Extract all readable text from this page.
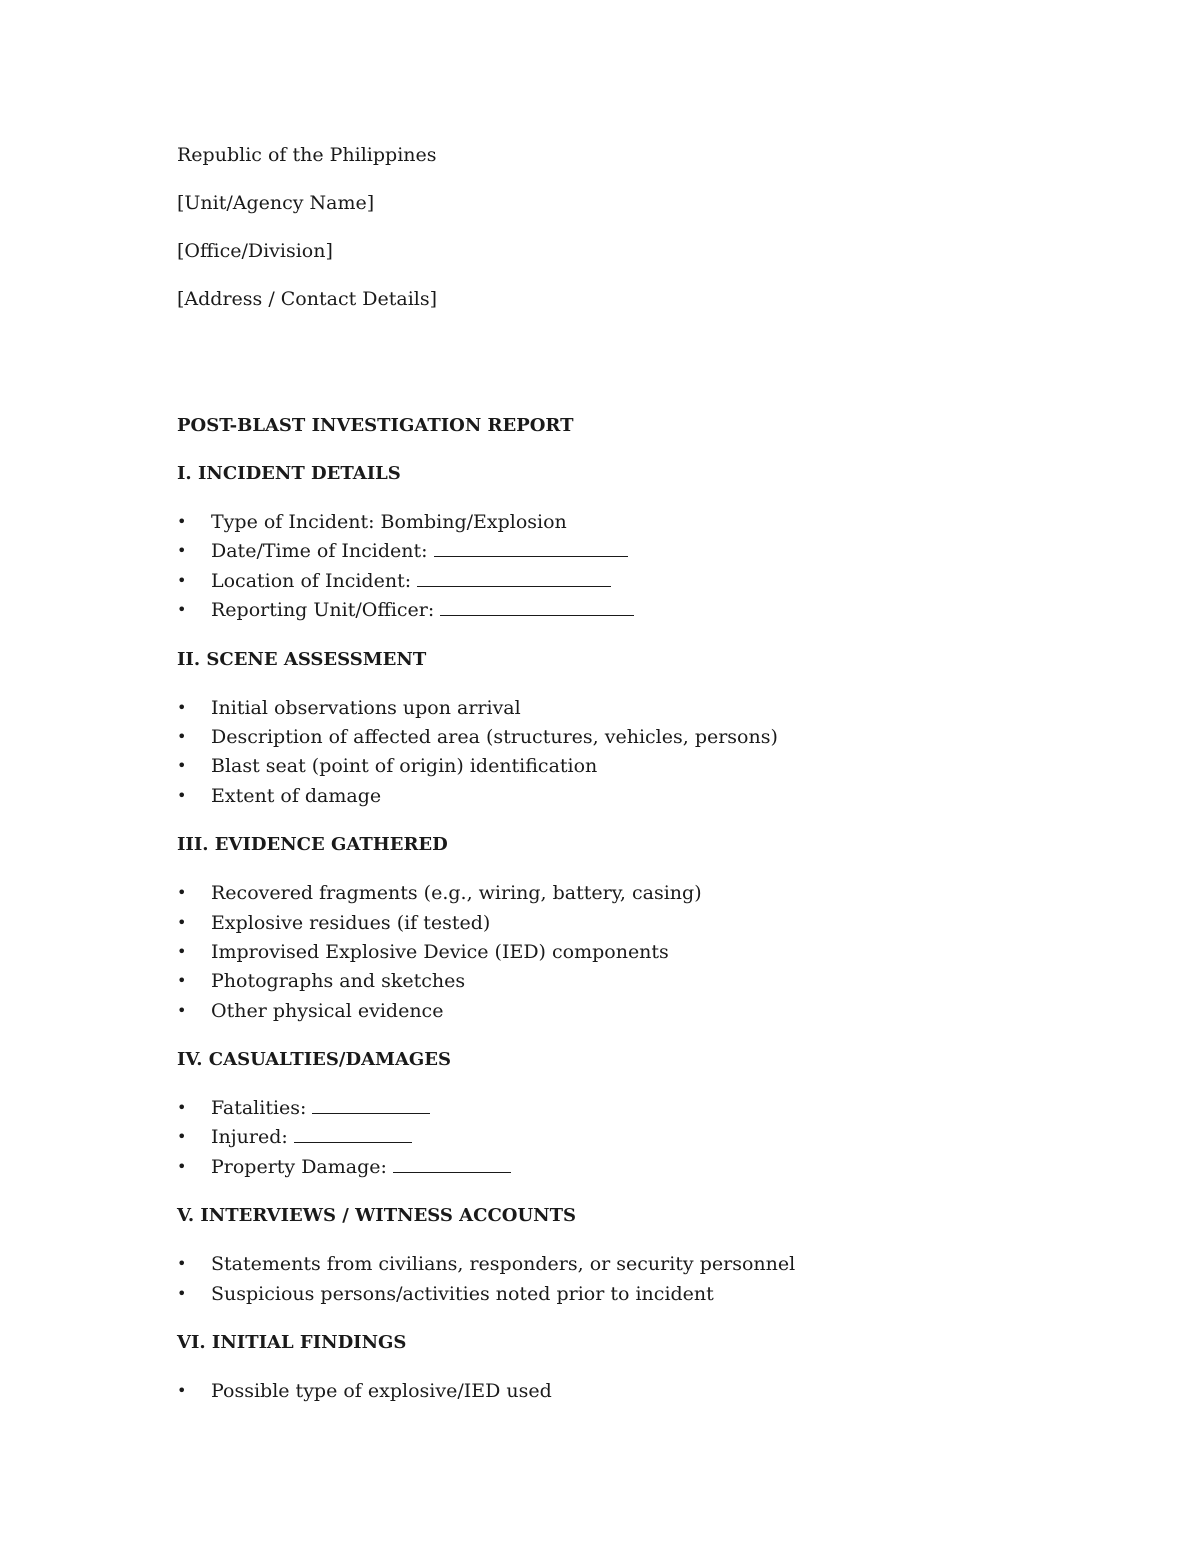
Republic of the Philippines
[Unit/Agency Name]
[Office/Division]
[Address / Contact Details]
POST-BLAST INVESTIGATION REPORT
I. INCIDENT DETAILS
• Type of Incident: Bombing/Explosion
• Date/Time of Incident:
• Location of Incident:
• Reporting Unit/Officer:
II. SCENE ASSESSMENT
• Initial observations upon arrival
• Description of affected area (structures, vehicles, persons)
• Blast seat (point of origin) identification
• Extent of damage
III. EVIDENCE GATHERED
• Recovered fragments (e.g., wiring, battery, casing)
• Explosive residues (if tested)
• Improvised Explosive Device (IED) components
• Photographs and sketches
• Other physical evidence
IV. CASUALTIES/DAMAGES
• Fatalities:
• Injured:
• Property Damage:
V. INTERVIEWS / WITNESS ACCOUNTS
• Statements from civilians, responders, or security personnel
• Suspicious persons/activities noted prior to incident
VI. INITIAL FINDINGS
• Possible type of explosive/IED used
